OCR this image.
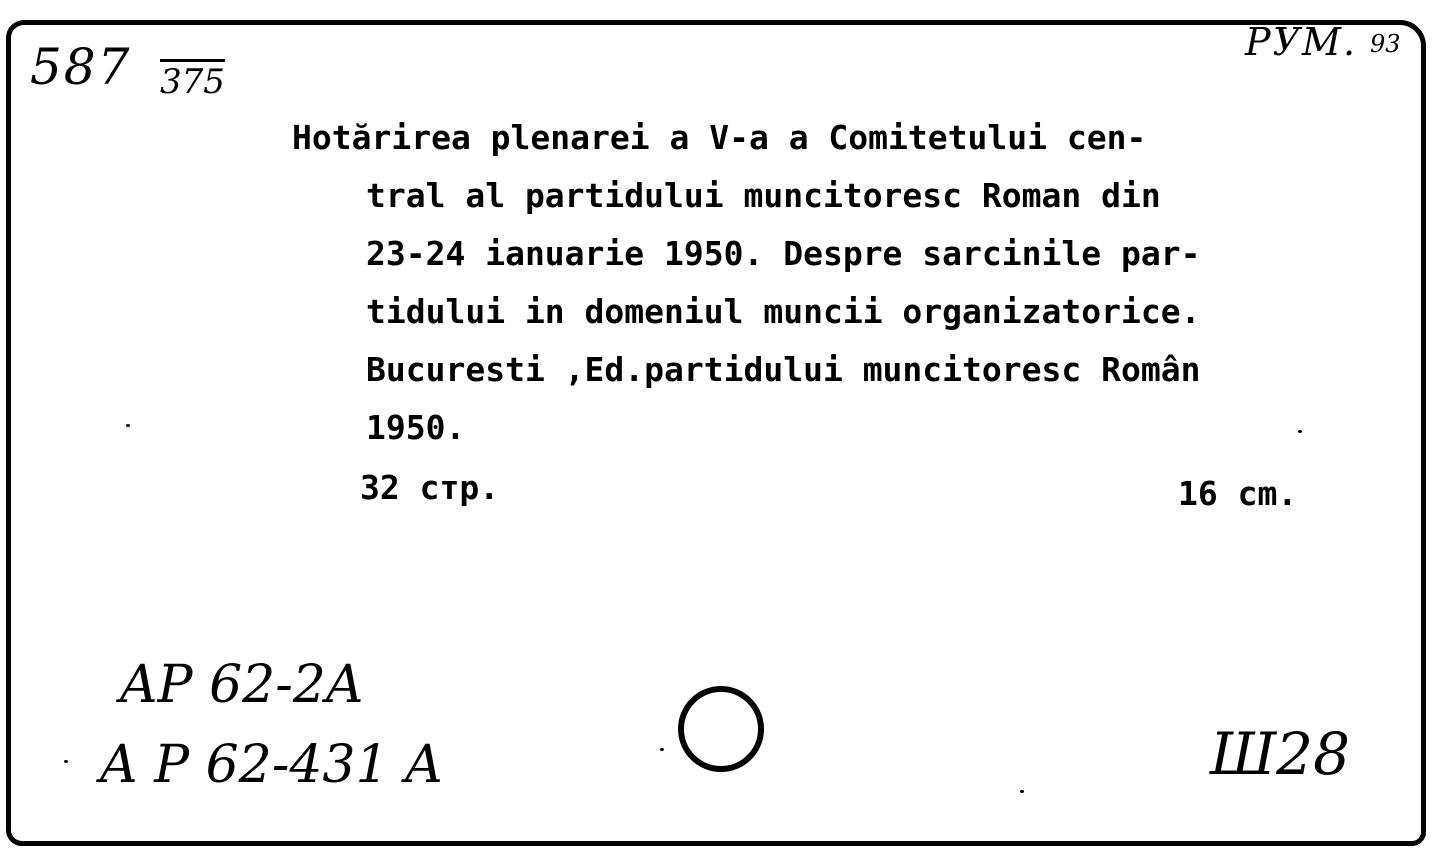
587 375
РУМ. 93
Hotărirea plenarei a V-a a Comitetului cen-
tral al partidului muncitoresc Roman din
23-24 ianuarie 1950. Despre sarcinile par-
tidului in domeniul muncii organizatorice.
Bucuresti ,Ed.partidului muncitoresc Român
1950.
32 стр.	16 cm.
AP 62-2A
A P 62-431 A	Ш28
